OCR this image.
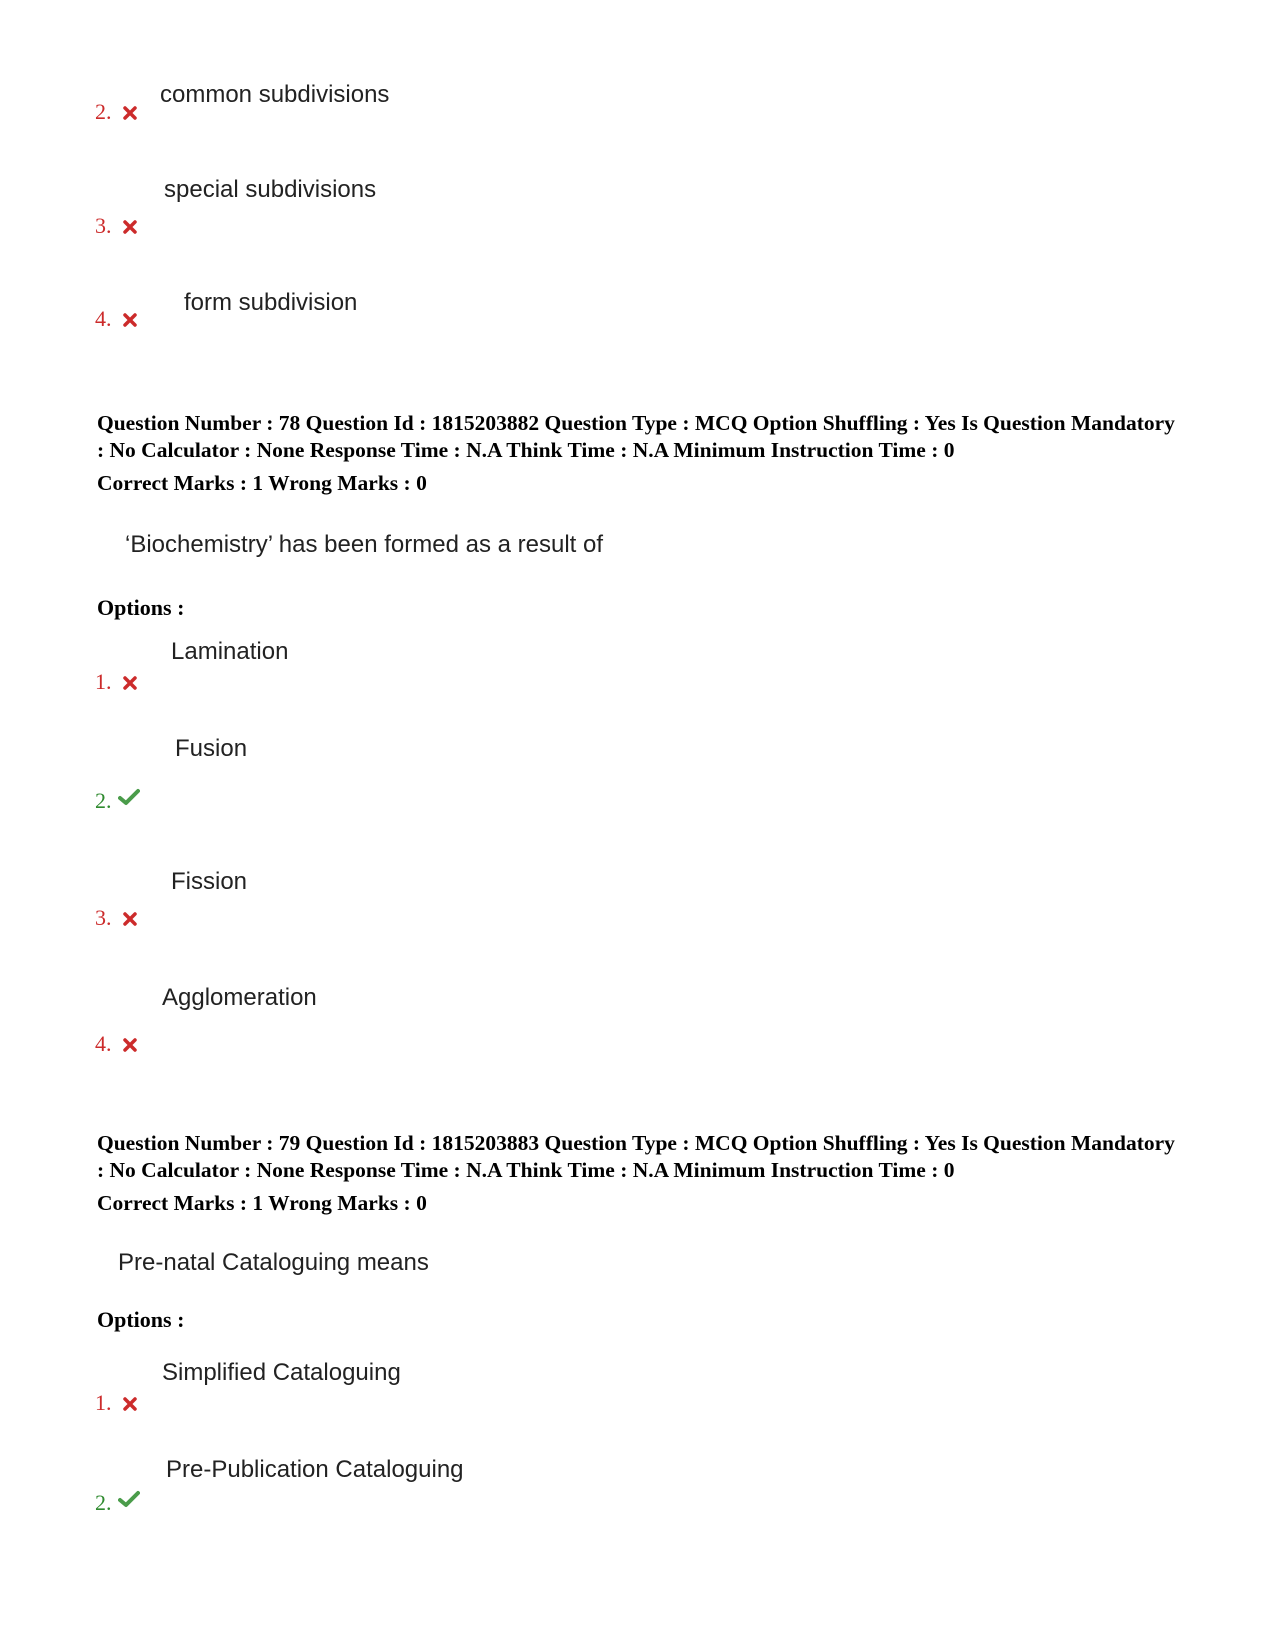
common subdivisions
2.
special subdivisions
3.
form subdivision
4.

Question Number : 78 Question Id : 1815203882 Question Type : MCQ Option Shuffling : Yes Is Question Mandatory : No Calculator : None Response Time : N.A Think Time : N.A Minimum Instruction Time : 0

Correct Marks : 1 Wrong Marks : 0

‘Biochemistry’ has been formed as a result of
Options :
Lamination
1.
Fusion
2.
Fission
3.
Agglomeration
4.

Question Number : 79 Question Id : 1815203883 Question Type : MCQ Option Shuffling : Yes Is Question Mandatory : No Calculator : None Response Time : N.A Think Time : N.A Minimum Instruction Time : 0

Correct Marks : 1 Wrong Marks : 0

Pre-natal Cataloguing means
Options :
Simplified Cataloguing
1.
Pre-Publication Cataloguing
2.
